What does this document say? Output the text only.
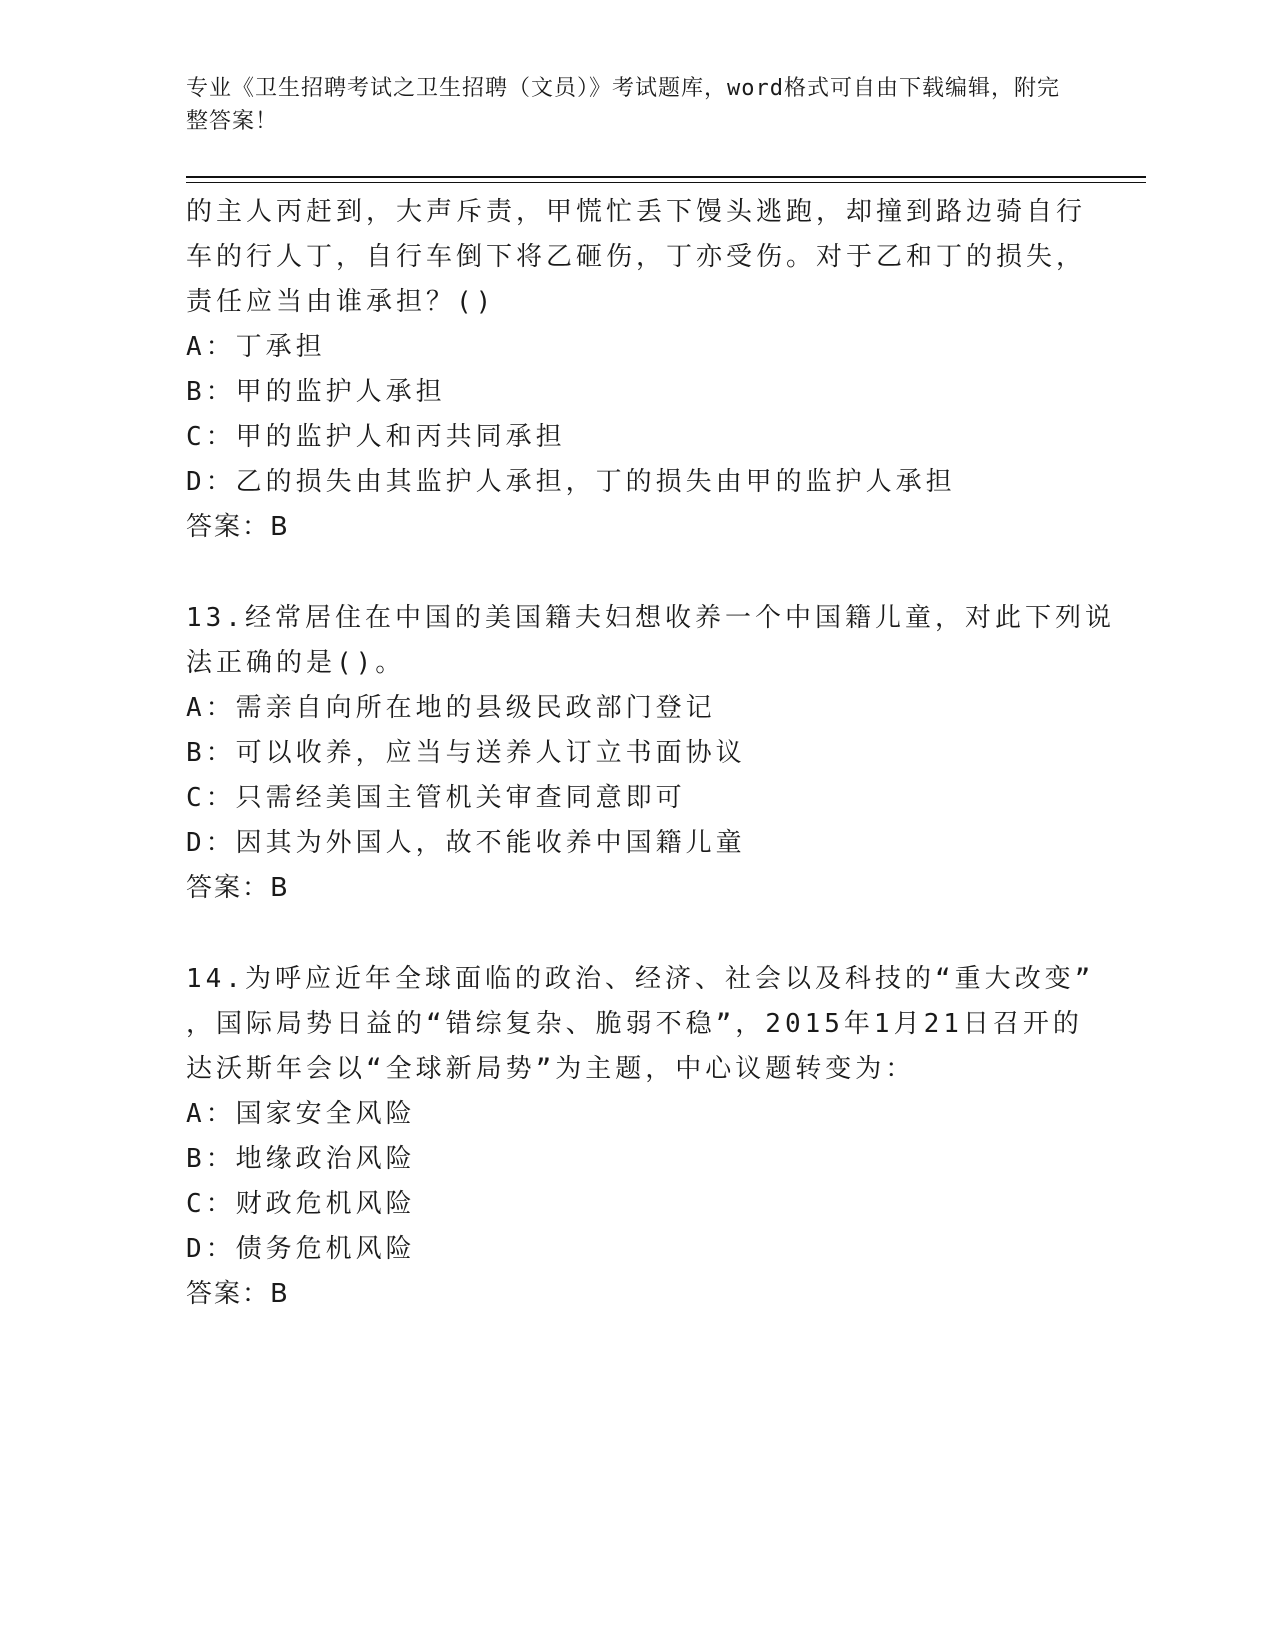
专业《卫生招聘考试之卫生招聘（文员）》考试题库，word格式可自由下载编辑，附完整答案！
的主人丙赶到，大声斥责，甲慌忙丢下馒头逃跑，却撞到路边骑自行
车的行人丁，自行车倒下将乙砸伤，丁亦受伤。对于乙和丁的损失，
责任应当由谁承担？()
A：丁承担
B：甲的监护人承担
C：甲的监护人和丙共同承担
D：乙的损失由其监护人承担，丁的损失由甲的监护人承担
答案：B
13.经常居住在中国的美国籍夫妇想收养一个中国籍儿童，对此下列说
法正确的是()。
A：需亲自向所在地的县级民政部门登记
B：可以收养，应当与送养人订立书面协议
C：只需经美国主管机关审查同意即可
D：因其为外国人，故不能收养中国籍儿童
答案：B
14.为呼应近年全球面临的政治、经济、社会以及科技的“重大改变”
，国际局势日益的“错综复杂、脆弱不稳”，2015年1月21日召开的
达沃斯年会以“全球新局势”为主题，中心议题转变为：
A：国家安全风险
B：地缘政治风险
C：财政危机风险
D：债务危机风险
答案：B
